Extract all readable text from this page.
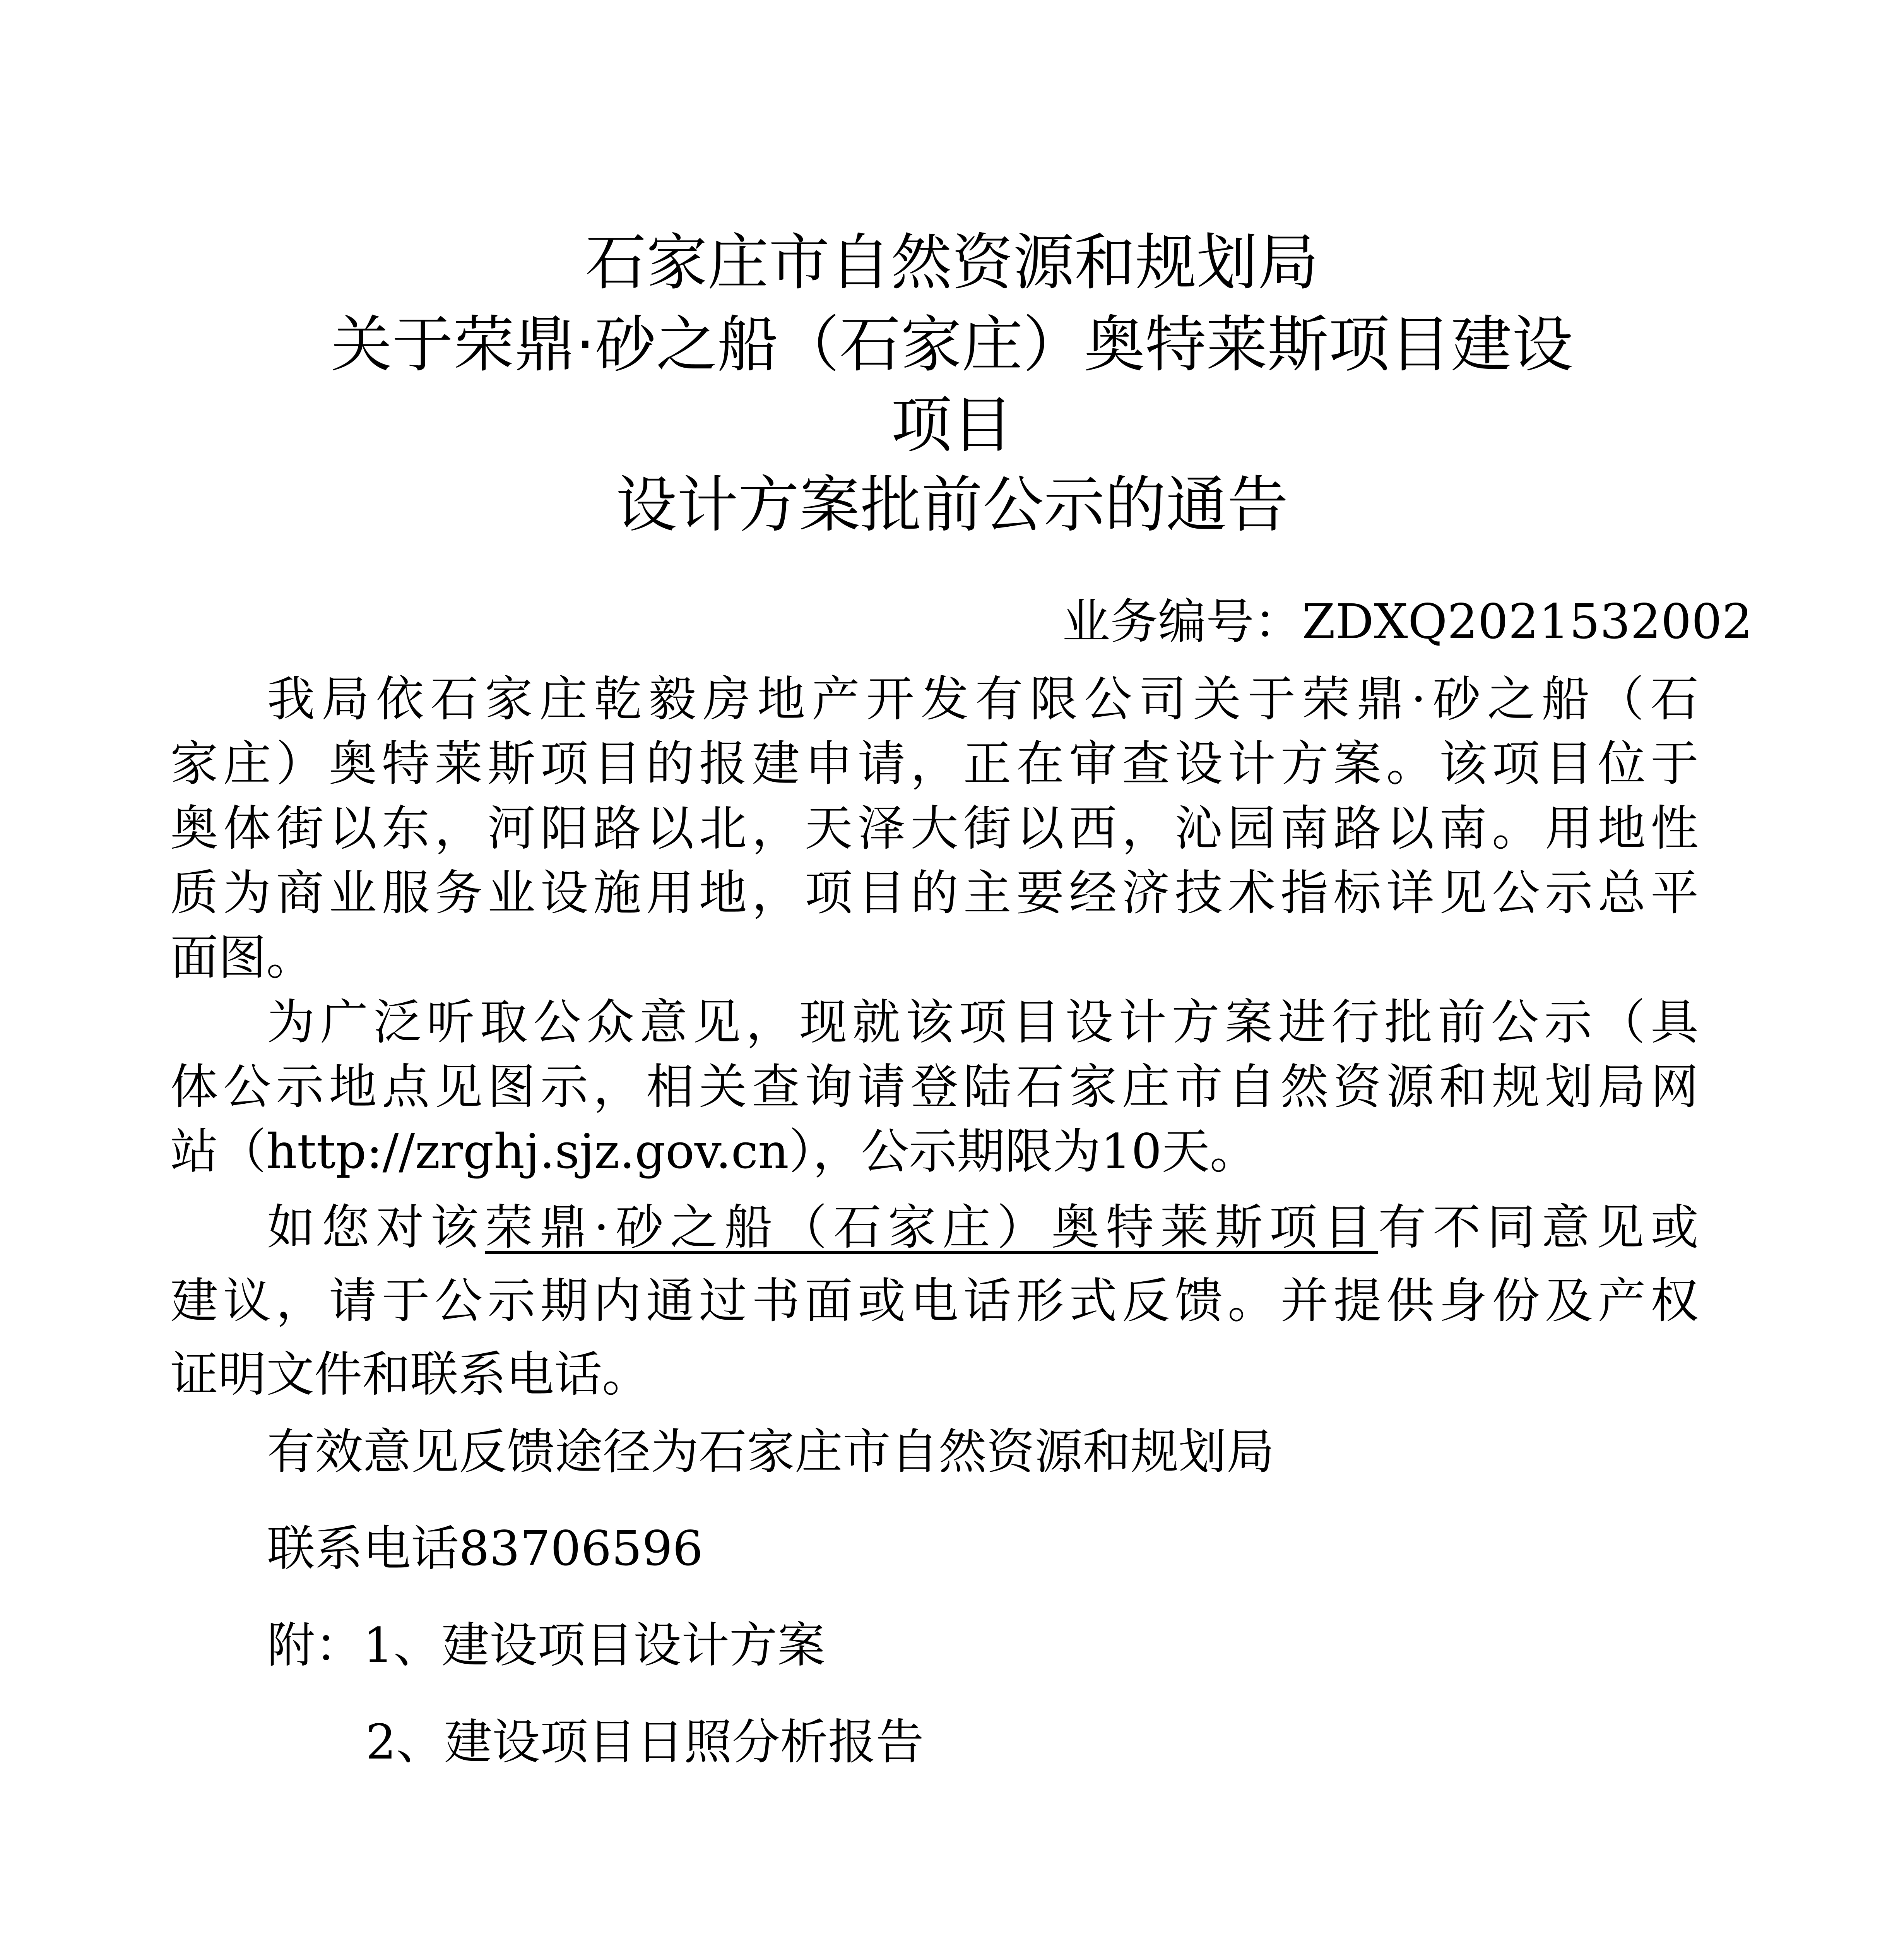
石家庄市自然资源和规划局
关于荣鼎·砂之船（石家庄）奥特莱斯项目建设
项目
设计方案批前公示的通告
业务编号：ZDXQ2021532002
我局依石家庄乾毅房地产开发有限公司关于荣鼎·砂之船（石
家庄）奥特莱斯项目的报建申请，正在审查设计方案。该项目位于
奥体街以东，河阳路以北，天泽大街以西，沁园南路以南。用地性
质为商业服务业设施用地，项目的主要经济技术指标详见公示总平
面图。
为广泛听取公众意见，现就该项目设计方案进行批前公示（具
体公示地点见图示，相关查询请登陆石家庄市自然资源和规划局网
站（http://zrghj.sjz.gov.cn），公示期限为10天。
如您对该荣鼎·砂之船（石家庄）奥特莱斯项目有不同意见或
建议，请于公示期内通过书面或电话形式反馈。并提供身份及产权
证明文件和联系电话。
有效意见反馈途径为石家庄市自然资源和规划局
联系电话83706596
附：1、建设项目设计方案
2、建设项目日照分析报告
